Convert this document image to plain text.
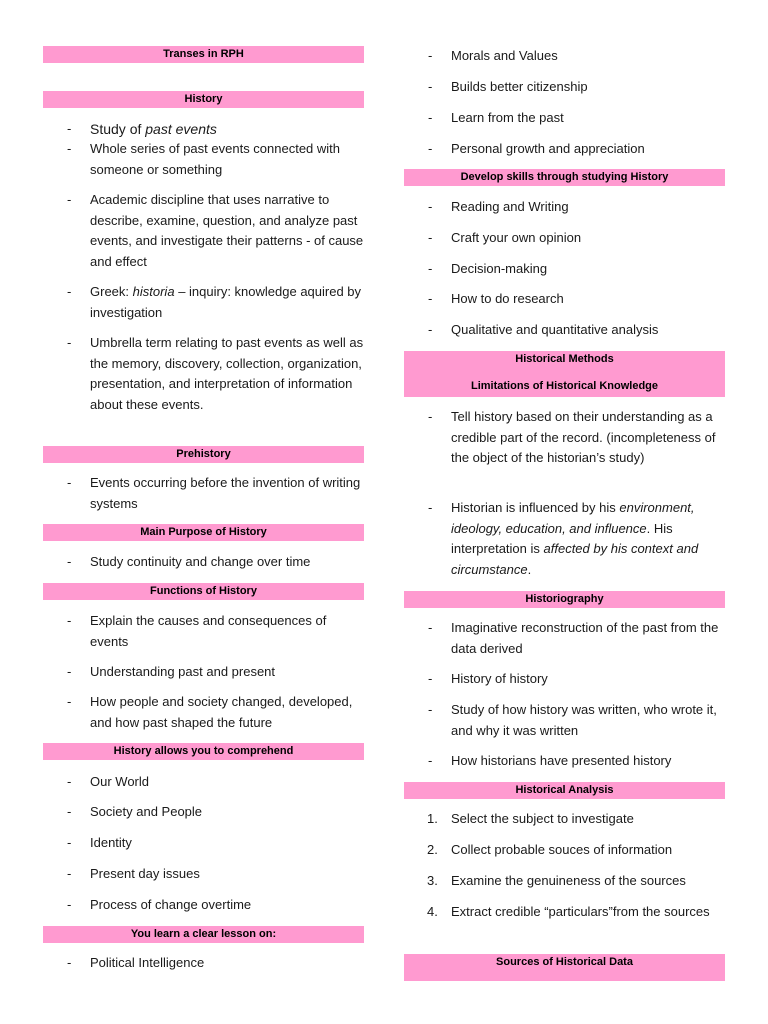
Transes in RPH
History
- Study of past events
- Whole series of past events connected with someone or something
- Academic discipline that uses narrative to describe, examine, question, and analyze past events, and investigate their patterns - of cause and effect
- Greek: historia – inquiry: knowledge aquired by investigation
- Umbrella term relating to past events as well as the memory, discovery, collection, organization, presentation, and interpretation of information about these events.
Prehistory
- Events occurring before the invention of writing systems
Main Purpose of History
- Study continuity and change over time
Functions of History
- Explain the causes and consequences of events
- Understanding past and present
- How people and society changed, developed, and how past shaped the future
History allows you to comprehend
- Our World
- Society and People
- Identity
- Present day issues
- Process of change overtime
You learn a clear lesson on:
- Political Intelligence
- Morals and Values
- Builds better citizenship
- Learn from the past
- Personal growth and appreciation
Develop skills through studying History
- Reading and Writing
- Craft your own opinion
- Decision-making
- How to do research
- Qualitative and quantitative analysis
Historical Methods
Limitations of Historical Knowledge
- Tell history based on their understanding as a credible part of the record. (incompleteness of the object of the historian’s study)
- Historian is influenced by his environment, ideology, education, and influence. His interpretation is affected by his context and circumstance.
Historiography
- Imaginative reconstruction of the past from the data derived
- History of history
- Study of how history was written, who wrote it, and why it was written
- How historians have presented history
Historical Analysis
1. Select the subject to investigate
2. Collect probable souces of information
3. Examine the genuineness of the sources
4. Extract credible “particulars”from the sources
Sources of Historical Data
